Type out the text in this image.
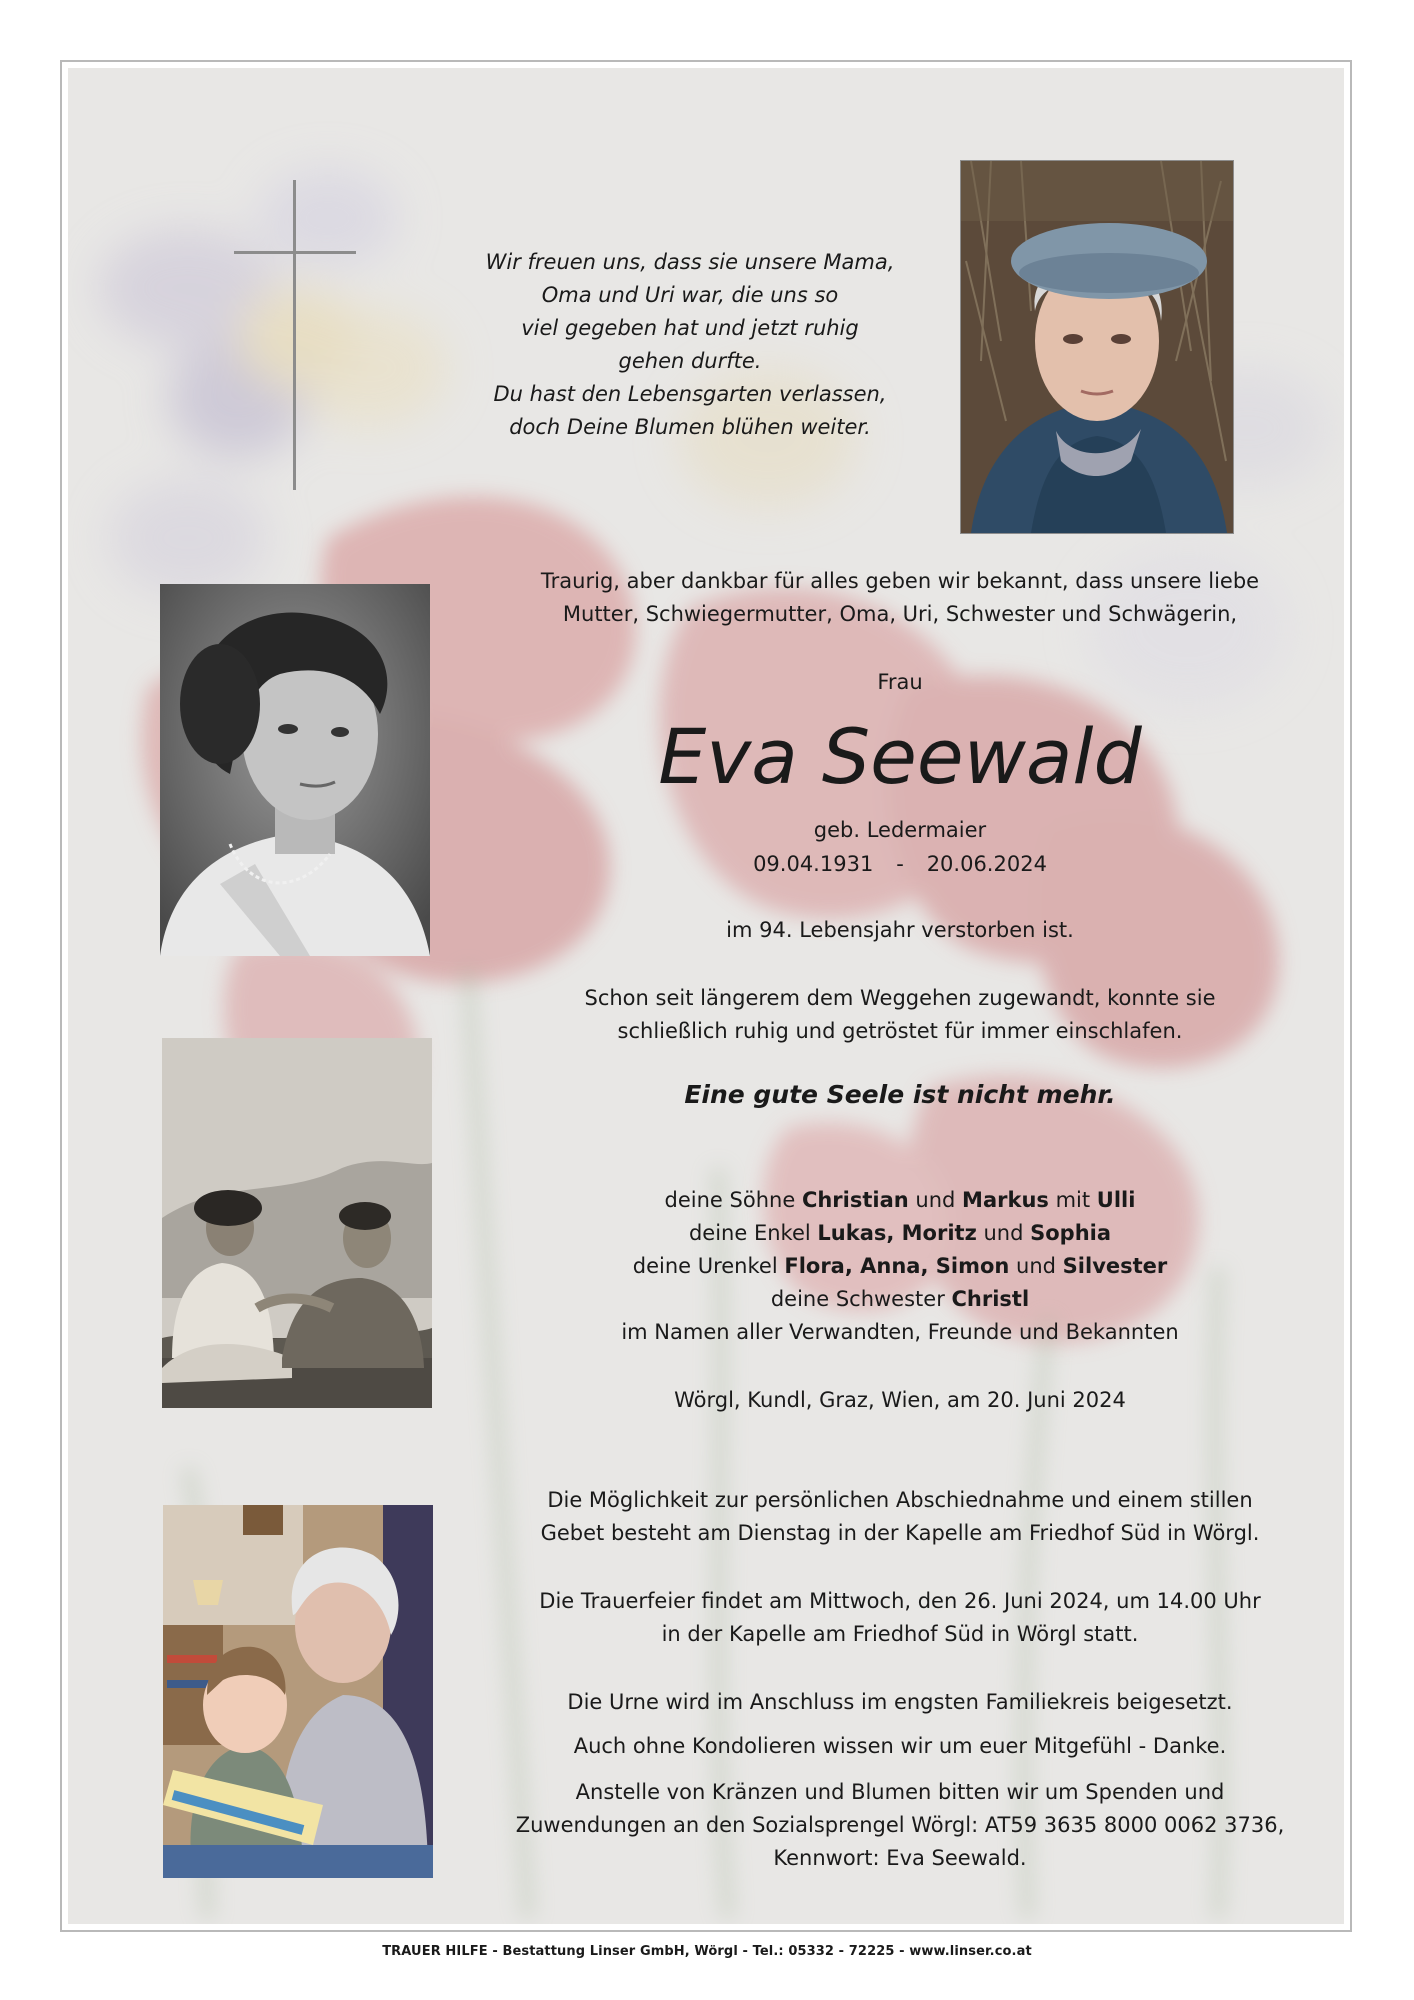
Wir freuen uns, dass sie unsere Mama,
Oma und Uri war, die uns so
viel gegeben hat und jetzt ruhig
gehen durfte.
Du hast den Lebensgarten verlassen,
doch Deine Blumen blühen weiter.
Traurig, aber dankbar für alles geben wir bekannt, dass unsere liebe
Mutter, Schwiegermutter, Oma, Uri, Schwester und Schwägerin,
Frau
Eva Seewald
geb. Ledermaier
09.04.1931 - 20.06.2024
im 94. Lebensjahr verstorben ist.
Schon seit längerem dem Weggehen zugewandt, konnte sie
schließlich ruhig und getröstet für immer einschlafen.
Eine gute Seele ist nicht mehr.
deine Söhne Christian und Markus mit Ulli
deine Enkel Lukas, Moritz und Sophia
deine Urenkel Flora, Anna, Simon und Silvester
deine Schwester Christl
im Namen aller Verwandten, Freunde und Bekannten
Wörgl, Kundl, Graz, Wien, am 20. Juni 2024
Die Möglichkeit zur persönlichen Abschiednahme und einem stillen
Gebet besteht am Dienstag in der Kapelle am Friedhof Süd in Wörgl.
Die Trauerfeier findet am Mittwoch, den 26. Juni 2024, um 14.00 Uhr
in der Kapelle am Friedhof Süd in Wörgl statt.
Die Urne wird im Anschluss im engsten Familiekreis beigesetzt.
Auch ohne Kondolieren wissen wir um euer Mitgefühl - Danke.
Anstelle von Kränzen und Blumen bitten wir um Spenden und
Zuwendungen an den Sozialsprengel Wörgl: AT59 3635 8000 0062 3736,
Kennwort: Eva Seewald.
TRAUER HILFE - Bestattung Linser GmbH, Wörgl - Tel.: 05332 - 72225 - www.linser.co.at
